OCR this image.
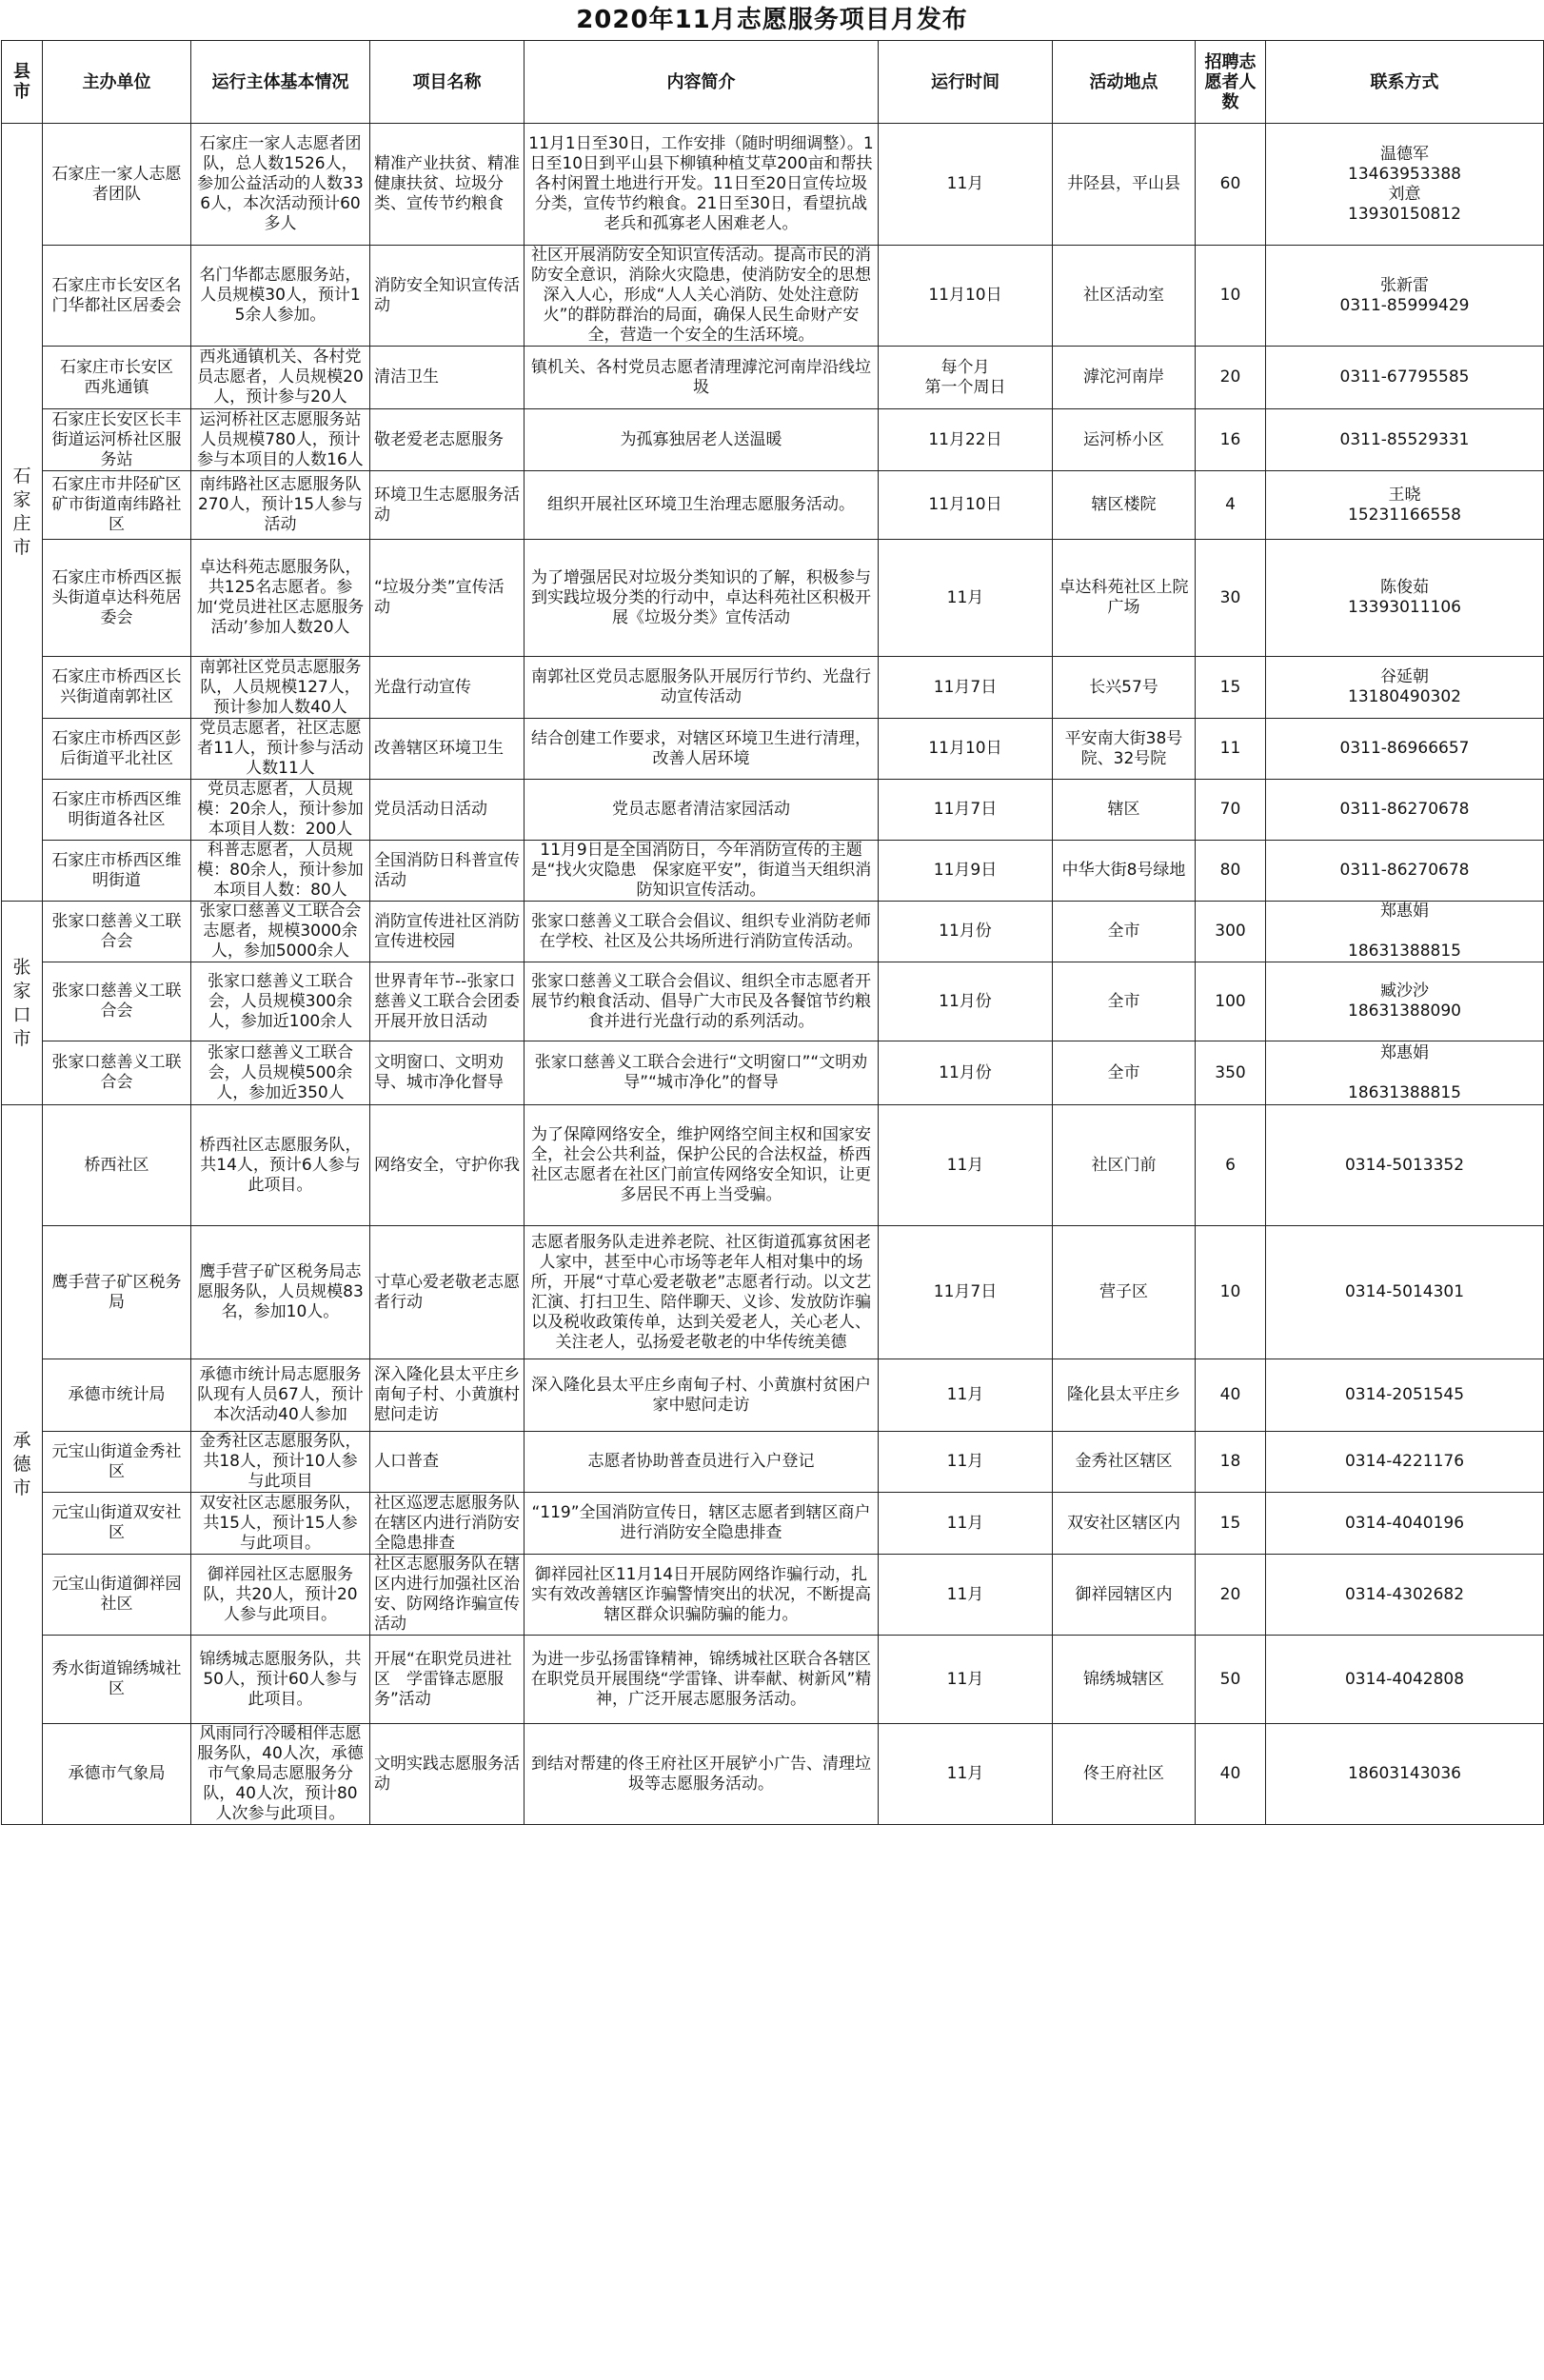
2020年11月志愿服务项目月发布
县市	主办单位	运行主体基本情况	项目名称	内容简介	运行时间	活动地点	招聘志愿者人数	联系方式
石
家
庄
市	石家庄一家人志愿者团队	石家庄一家人志愿者团队，总人数1526人，参加公益活动的人数336人，本次活动预计60多人	精准产业扶贫、精准健康扶贫、垃圾分类、宣传节约粮食	11月1日至30日，工作安排（随时明细调整）。1日至10日到平山县下柳镇种植艾草200亩和帮扶各村闲置土地进行开发。11日至20日宣传垃圾分类，宣传节约粮食。21日至30日，看望抗战老兵和孤寡老人困难老人。	11月	井陉县，平山县	60	温德军
13463953388
刘意
13930150812
	石家庄市长安区名门华都社区居委会	名门华都志愿服务站，人员规模30人，预计15余人参加。	消防安全知识宣传活动	社区开展消防安全知识宣传活动。提高市民的消防安全意识，消除火灾隐患，使消防安全的思想深入人心，形成“人人关心消防、处处注意防火”的群防群治的局面，确保人民生命财产安全，营造一个安全的生活环境。	11月10日	社区活动室	10	张新雷
0311-85999429
	石家庄市长安区
西兆通镇	西兆通镇机关、各村党员志愿者，人员规模20人，预计参与20人	清洁卫生	镇机关、各村党员志愿者清理滹沱河南岸沿线垃圾	每个月
第一个周日	滹沱河南岸	20	0311-67795585
	石家庄长安区长丰街道运河桥社区服务站	运河桥社区志愿服务站人员规模780人，预计参与本项目的人数16人	敬老爱老志愿服务	为孤寡独居老人送温暖	11月22日	运河桥小区	16	0311-85529331
	石家庄市井陉矿区矿市街道南纬路社区	南纬路社区志愿服务队270人，预计15人参与活动	环境卫生志愿服务活动	组织开展社区环境卫生治理志愿服务活动。	11月10日	辖区楼院	4	王晓
15231166558
	石家庄市桥西区振头街道卓达科苑居委会	卓达科苑志愿服务队，共125名志愿者。参加‘党员进社区志愿服务活动’参加人数20人	“垃圾分类”宣传活动	为了增强居民对垃圾分类知识的了解，积极参与到实践垃圾分类的行动中，卓达科苑社区积极开展《垃圾分类》宣传活动	11月	卓达科苑社区上院广场	30	陈俊茹
13393011106
	石家庄市桥西区长兴街道南郭社区	南郭社区党员志愿服务队，人员规模127人，预计参加人数40人	光盘行动宣传	南郭社区党员志愿服务队开展厉行节约、光盘行动宣传活动	11月7日	长兴57号	15	谷延朝
13180490302
	石家庄市桥西区彭后街道平北社区	党员志愿者，社区志愿者11人，预计参与活动人数11人	改善辖区环境卫生	结合创建工作要求，对辖区环境卫生进行清理，改善人居环境	11月10日	平安南大街38号院、32号院	11	0311-86966657
	石家庄市桥西区维明街道各社区	党员志愿者，人员规模：20余人，预计参加本项目人数：200人	党员活动日活动	党员志愿者清洁家园活动	11月7日	辖区	70	0311-86270678
	石家庄市桥西区维明街道	科普志愿者，人员规模：80余人，预计参加本项目人数：80人	全国消防日科普宣传活动	11月9日是全国消防日，今年消防宣传的主题是“找火灾隐患　保家庭平安”，街道当天组织消防知识宣传活动。	11月9日	中华大街8号绿地	80	0311-86270678
张
家
口
市	张家口慈善义工联合会	张家口慈善义工联合会志愿者，规模3000余人，参加5000余人	消防宣传进社区消防宣传进校园	张家口慈善义工联合会倡议、组织专业消防老师在学校、社区及公共场所进行消防宣传活动。	11月份	全市	300	郑惠娟

18631388815
	张家口慈善义工联合会	张家口慈善义工联合会，人员规模300余人，参加近100余人	世界青年节--张家口慈善义工联合会团委开展开放日活动	张家口慈善义工联合会倡议、组织全市志愿者开展节约粮食活动、倡导广大市民及各餐馆节约粮食并进行光盘行动的系列活动。	11月份	全市	100	臧沙沙
18631388090
	张家口慈善义工联合会	张家口慈善义工联合会，人员规模500余人，参加近350人	文明窗口、文明劝导、城市净化督导	张家口慈善义工联合会进行“文明窗口”“文明劝导”“城市净化”的督导	11月份	全市	350	郑惠娟

18631388815
承
德
市	桥西社区	桥西社区志愿服务队，共14人，预计6人参与此项目。	网络安全，守护你我	为了保障网络安全，维护网络空间主权和国家安全，社会公共利益，保护公民的合法权益，桥西社区志愿者在社区门前宣传网络安全知识，让更多居民不再上当受骗。	11月	社区门前	6	0314-5013352
	鹰手营子矿区税务局	鹰手营子矿区税务局志愿服务队，人员规模83名，参加10人。	寸草心爱老敬老志愿者行动	志愿者服务队走进养老院、社区街道孤寡贫困老人家中，甚至中心市场等老年人相对集中的场所，开展“寸草心爱老敬老”志愿者行动。以文艺汇演、打扫卫生、陪伴聊天、义诊、发放防诈骗以及税收政策传单，达到关爱老人，关心老人、关注老人，弘扬爱老敬老的中华传统美德	11月7日	营子区	10	0314-5014301
	承德市统计局	承德市统计局志愿服务队现有人员67人，预计本次活动40人参加	深入隆化县太平庄乡南甸子村、小黄旗村慰问走访	深入隆化县太平庄乡南甸子村、小黄旗村贫困户家中慰问走访	11月	隆化县太平庄乡	40	0314-2051545
	元宝山街道金秀社区	金秀社区志愿服务队，共18人，预计10人参与此项目	人口普查	志愿者协助普查员进行入户登记	11月	金秀社区辖区	18	0314-4221176
	元宝山街道双安社区	双安社区志愿服务队，共15人，预计15人参与此项目。	社区巡逻志愿服务队在辖区内进行消防安全隐患排查	“119”全国消防宣传日，辖区志愿者到辖区商户进行消防安全隐患排查	11月	双安社区辖区内	15	0314-4040196
	元宝山街道御祥园社区	御祥园社区志愿服务队，共20人，预计20人参与此项目。	社区志愿服务队在辖区内进行加强社区治安、防网络诈骗宣传活动	御祥园社区11月14日开展防网络诈骗行动，扎实有效改善辖区诈骗警情突出的状况，不断提高辖区群众识骗防骗的能力。	11月	御祥园辖区内	20	0314-4302682
	秀水街道锦绣城社区	锦绣城志愿服务队，共50人，预计60人参与此项目。	开展“在职党员进社区　学雷锋志愿服务”活动	为进一步弘扬雷锋精神，锦绣城社区联合各辖区在职党员开展围绕“学雷锋、讲奉献、树新风”精神，广泛开展志愿服务活动。	11月	锦绣城辖区	50	0314-4042808
	承德市气象局	风雨同行冷暖相伴志愿服务队，40人次，承德市气象局志愿服务分队，40人次，预计80人次参与此项目。	文明实践志愿服务活动	到结对帮建的佟王府社区开展铲小广告、清理垃圾等志愿服务活动。	11月	佟王府社区	40	18603143036
